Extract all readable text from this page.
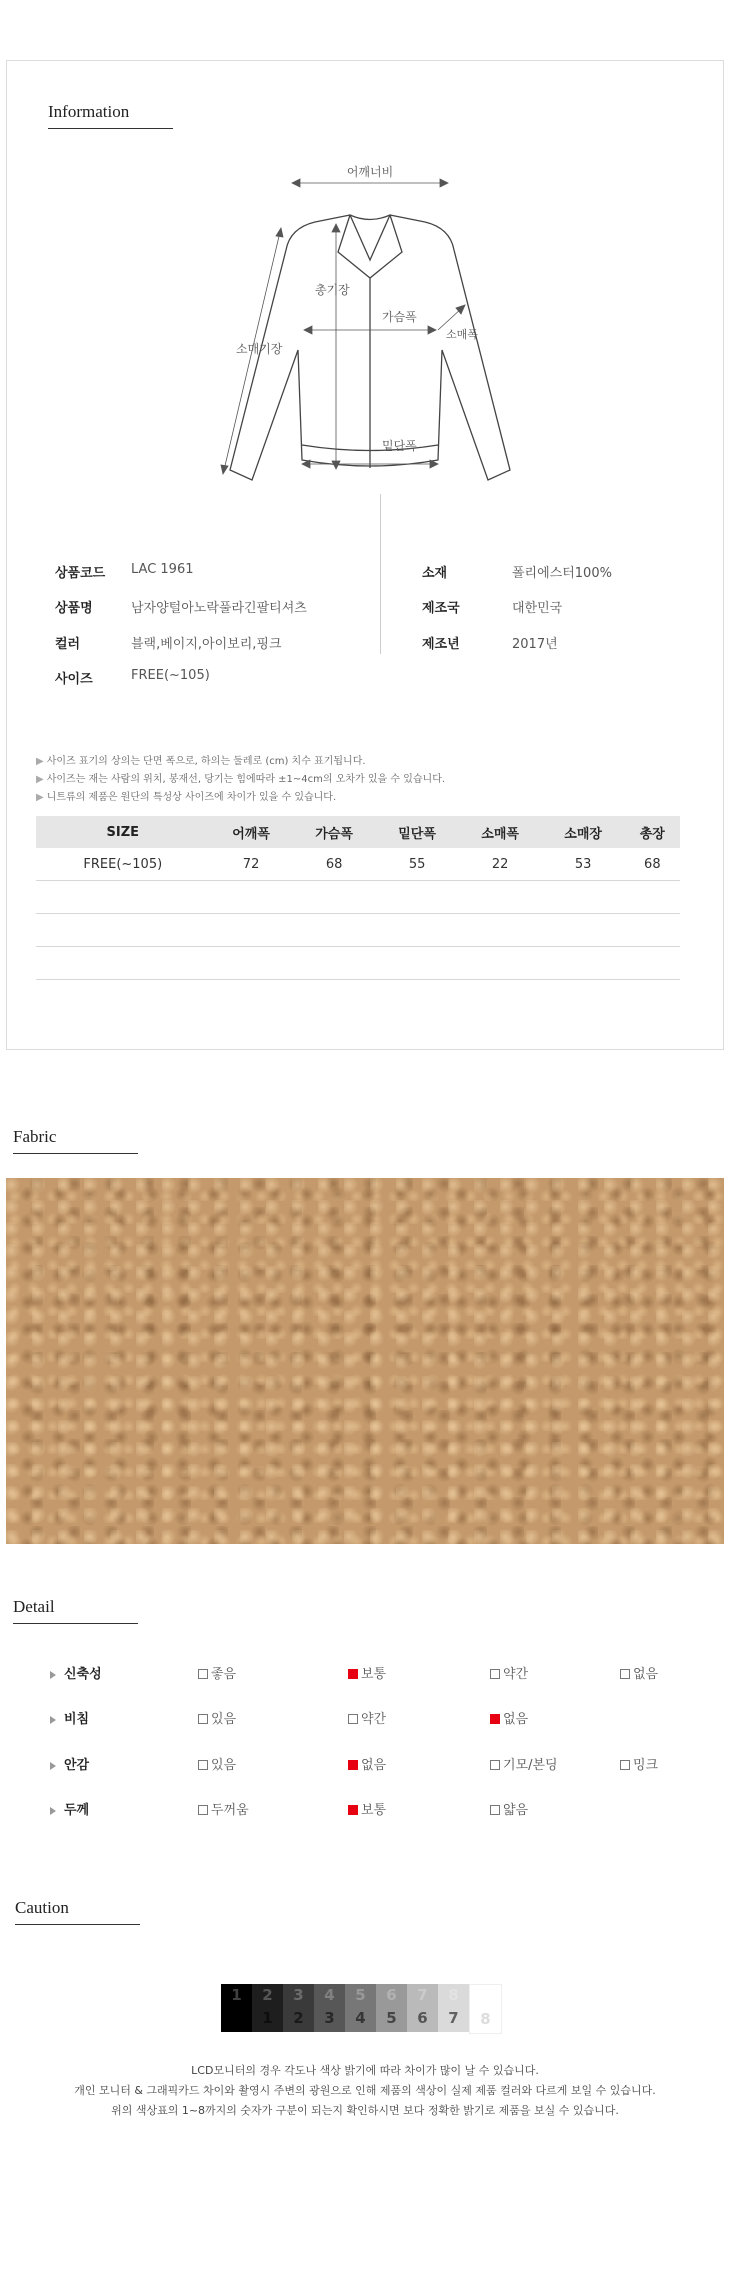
Information
어깨너비
총기장
가슴폭
소매폭
소매기장
밑단폭
상품코드 LAC 1961
상품명	남자양털아노락풀라긴팔티셔츠
컬러	블랙,베이지,아이보리,핑크
사이즈	FREE(~105)
소재	폴리에스터100%
제조국	대한민국
제조년	2017년
▶ 사이즈 표기의 상의는 단면 폭으로, 하의는 둘레로 (cm) 치수 표기됩니다.
▶ 사이즈는 재는 사람의 위치, 봉재선, 당기는 힘에따라 ±1~4cm의 오차가 있을 수 있습니다.
▶ 니트류의 제품은 원단의 특성상 사이즈에 차이가 있을 수 있습니다.
SIZE	어깨폭	가슴폭	밑단폭	소매폭	소매장	총장
FREE(~105)	72	68	55	22	53	68

Fabric
Detail
신축성	좋음	보통	약간	없음
비침	있음	약간	없음
안감	있음	없음	기모/본딩	밍크
두께	두꺼움	보통	얇음
Caution
1	2
1
3
2
4
3
5
4
6
5
7
6
8
7	8
LCD모니터의 경우 각도나 색상 밝기에 따라 차이가 많이 날 수 있습니다.
개인 모니터 & 그래픽카드 차이와 촬영시 주변의 광원으로 인해 제품의 색상이 실제 제품 컬러와 다르게 보일 수 있습니다.
위의 색상표의 1~8까지의 숫자가 구분이 되는지 확인하시면 보다 정확한 밝기로 제품을 보실 수 있습니다.
